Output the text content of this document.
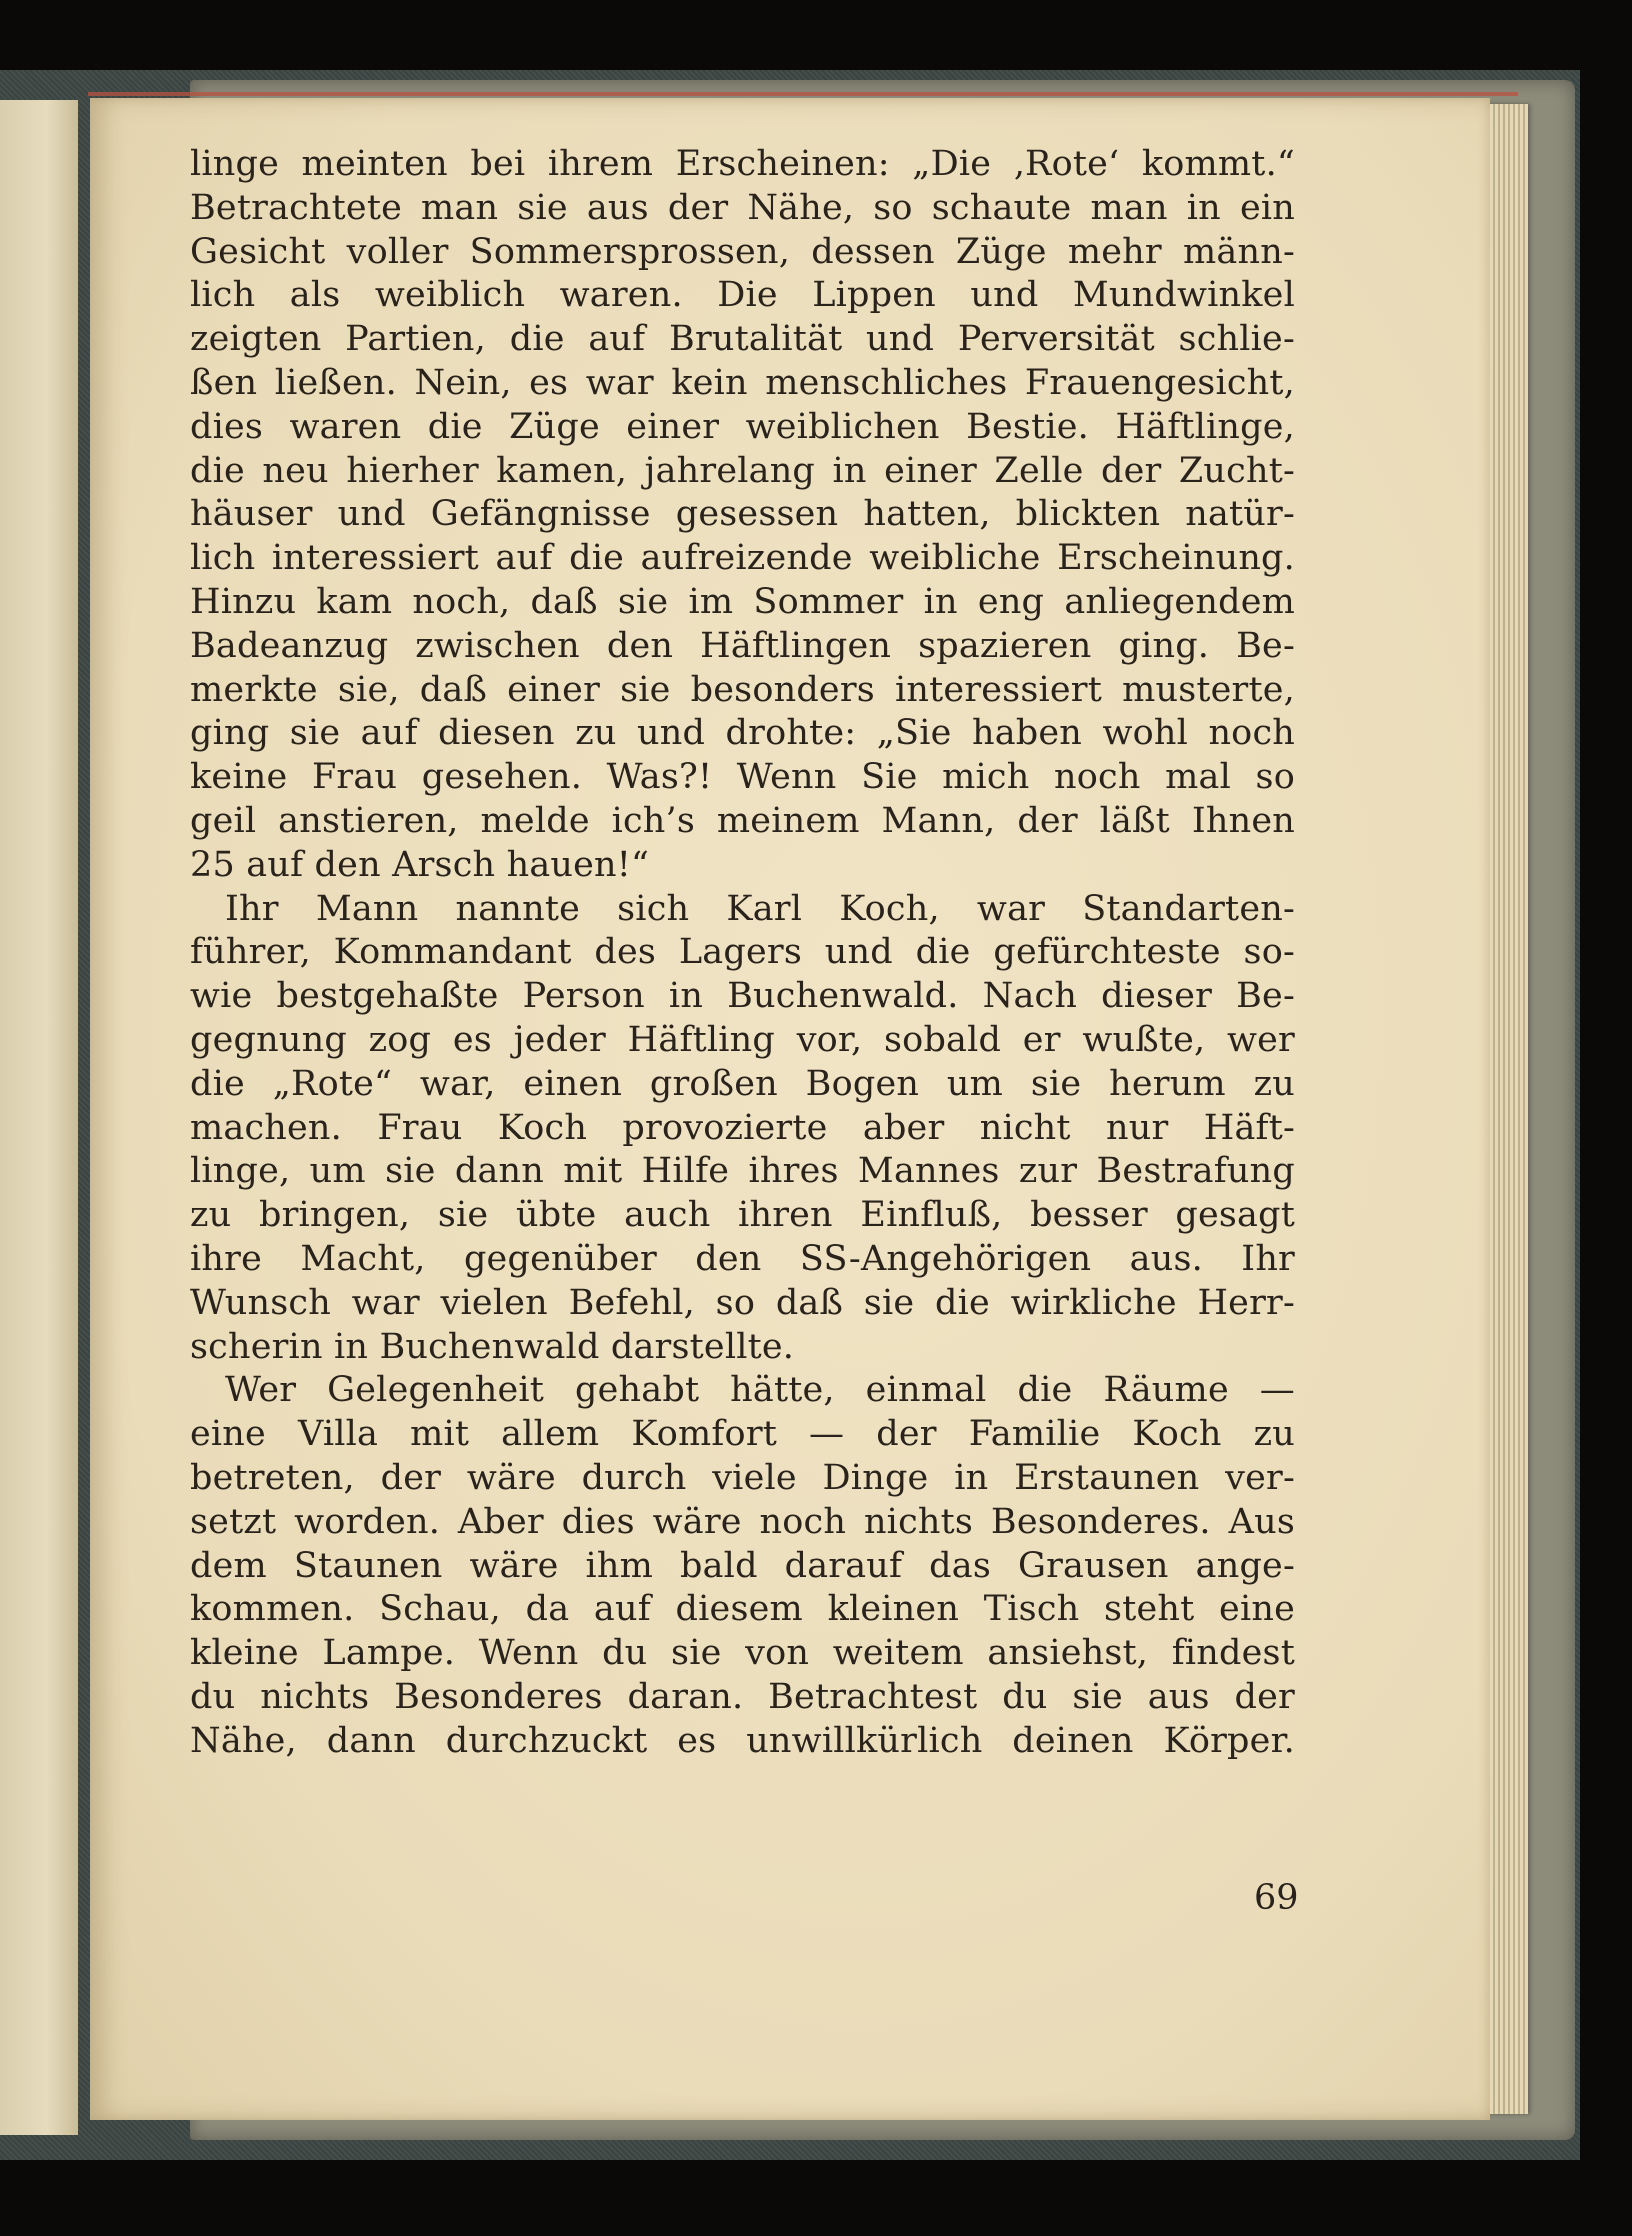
linge meinten bei ihrem Erscheinen: „Die ‚Rote‘ kommt.“

Betrachtete man sie aus der Nähe, so schaute man in ein

Gesicht voller Sommersprossen, dessen Züge mehr männ-

lich als weiblich waren. Die Lippen und Mundwinkel

zeigten Partien, die auf Brutalität und Perversität schlie-

ßen ließen. Nein, es war kein menschliches Frauengesicht,

dies waren die Züge einer weiblichen Bestie. Häftlinge,

die neu hierher kamen, jahrelang in einer Zelle der Zucht-

häuser und Gefängnisse gesessen hatten, blickten natür-

lich interessiert auf die aufreizende weibliche Erscheinung.

Hinzu kam noch, daß sie im Sommer in eng anliegendem

Badeanzug zwischen den Häftlingen spazieren ging. Be-

merkte sie, daß einer sie besonders interessiert musterte,

ging sie auf diesen zu und drohte: „Sie haben wohl noch

keine Frau gesehen. Was?! Wenn Sie mich noch mal so

geil anstieren, melde ich’s meinem Mann, der läßt Ihnen

25 auf den Arsch hauen!“

Ihr Mann nannte sich Karl Koch, war Standarten-

führer, Kommandant des Lagers und die gefürchteste so-

wie bestgehaßte Person in Buchenwald. Nach dieser Be-

gegnung zog es jeder Häftling vor, sobald er wußte, wer

die „Rote“ war, einen großen Bogen um sie herum zu

machen. Frau Koch provozierte aber nicht nur Häft-

linge, um sie dann mit Hilfe ihres Mannes zur Bestrafung

zu bringen, sie übte auch ihren Einfluß, besser gesagt

ihre Macht, gegenüber den SS-Angehörigen aus. Ihr

Wunsch war vielen Befehl, so daß sie die wirkliche Herr-

scherin in Buchenwald darstellte.

Wer Gelegenheit gehabt hätte, einmal die Räume —

eine Villa mit allem Komfort — der Familie Koch zu

betreten, der wäre durch viele Dinge in Erstaunen ver-

setzt worden. Aber dies wäre noch nichts Besonderes. Aus

dem Staunen wäre ihm bald darauf das Grausen ange-

kommen. Schau, da auf diesem kleinen Tisch steht eine

kleine Lampe. Wenn du sie von weitem ansiehst, findest

du nichts Besonderes daran. Betrachtest du sie aus der

Nähe, dann durchzuckt es unwillkürlich deinen Körper.

69
